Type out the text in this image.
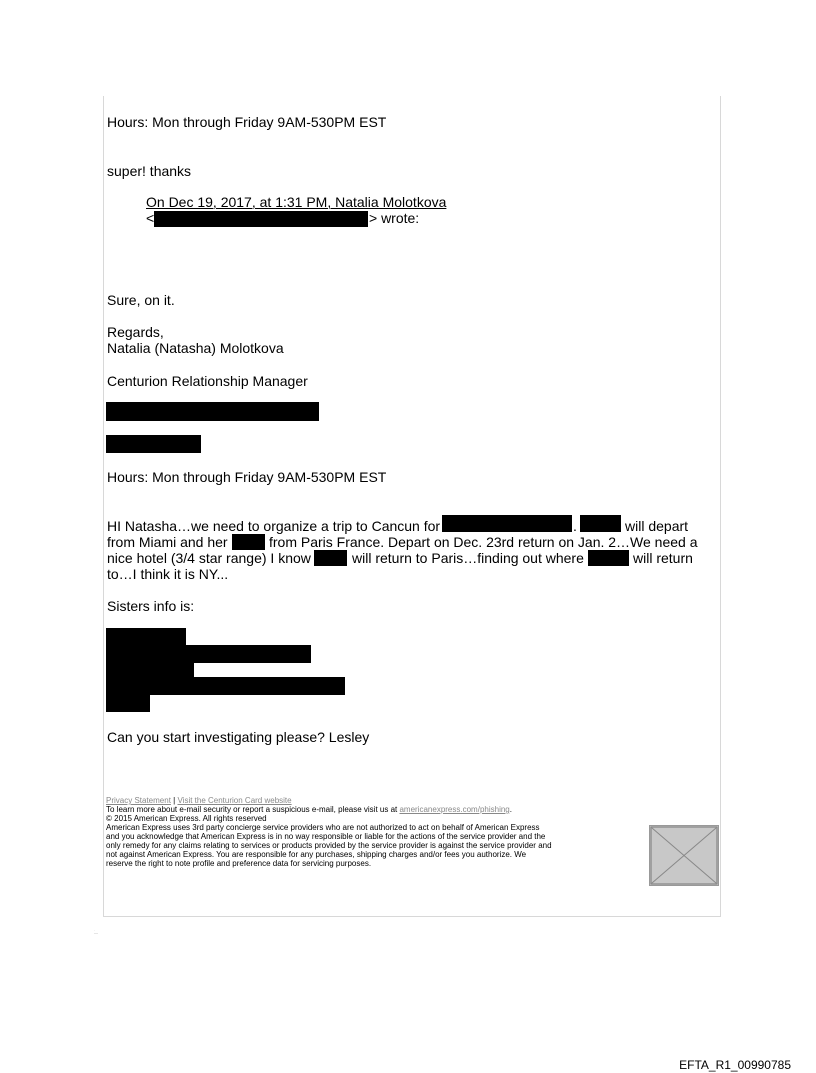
Hours: Mon through Friday 9AM-530PM EST
super! thanks
On Dec 19, 2017, at 1:31 PM, Natalia Molotkova
<	> wrote:
Sure, on it.
Regards,
Natalia (Natasha) Molotkova
Centurion Relationship Manager
Hours: Mon through Friday 9AM-530PM EST
HI Natasha…we need to organize a trip to Cancun for	.	will depart
from Miami and her	from Paris France. Depart on Dec. 23rd return on Jan. 2…We need a
nice hotel (3/4 star range) I know	will return to Paris…finding out where	will return
to…I think it is NY...
Sisters info is:
Can you start investigating please? Lesley
Privacy Statement | Visit the Centurion Card website
To learn more about e-mail security or report a suspicious e-mail, please visit us at americanexpress.com/phishing.
© 2015 American Express. All rights reserved
American Express uses 3rd party concierge service providers who are not authorized to act on behalf of American Express
and you acknowledge that American Express is in no way responsible or liable for the actions of the service provider and the
only remedy for any claims relating to services or products provided by the service provider is against the service provider and
not against American Express. You are responsible for any purchases, shipping charges and/or fees you authorize. We
reserve the right to note profile and preference data for servicing purposes.
·
‥‥
EFTA_R1_00990785
